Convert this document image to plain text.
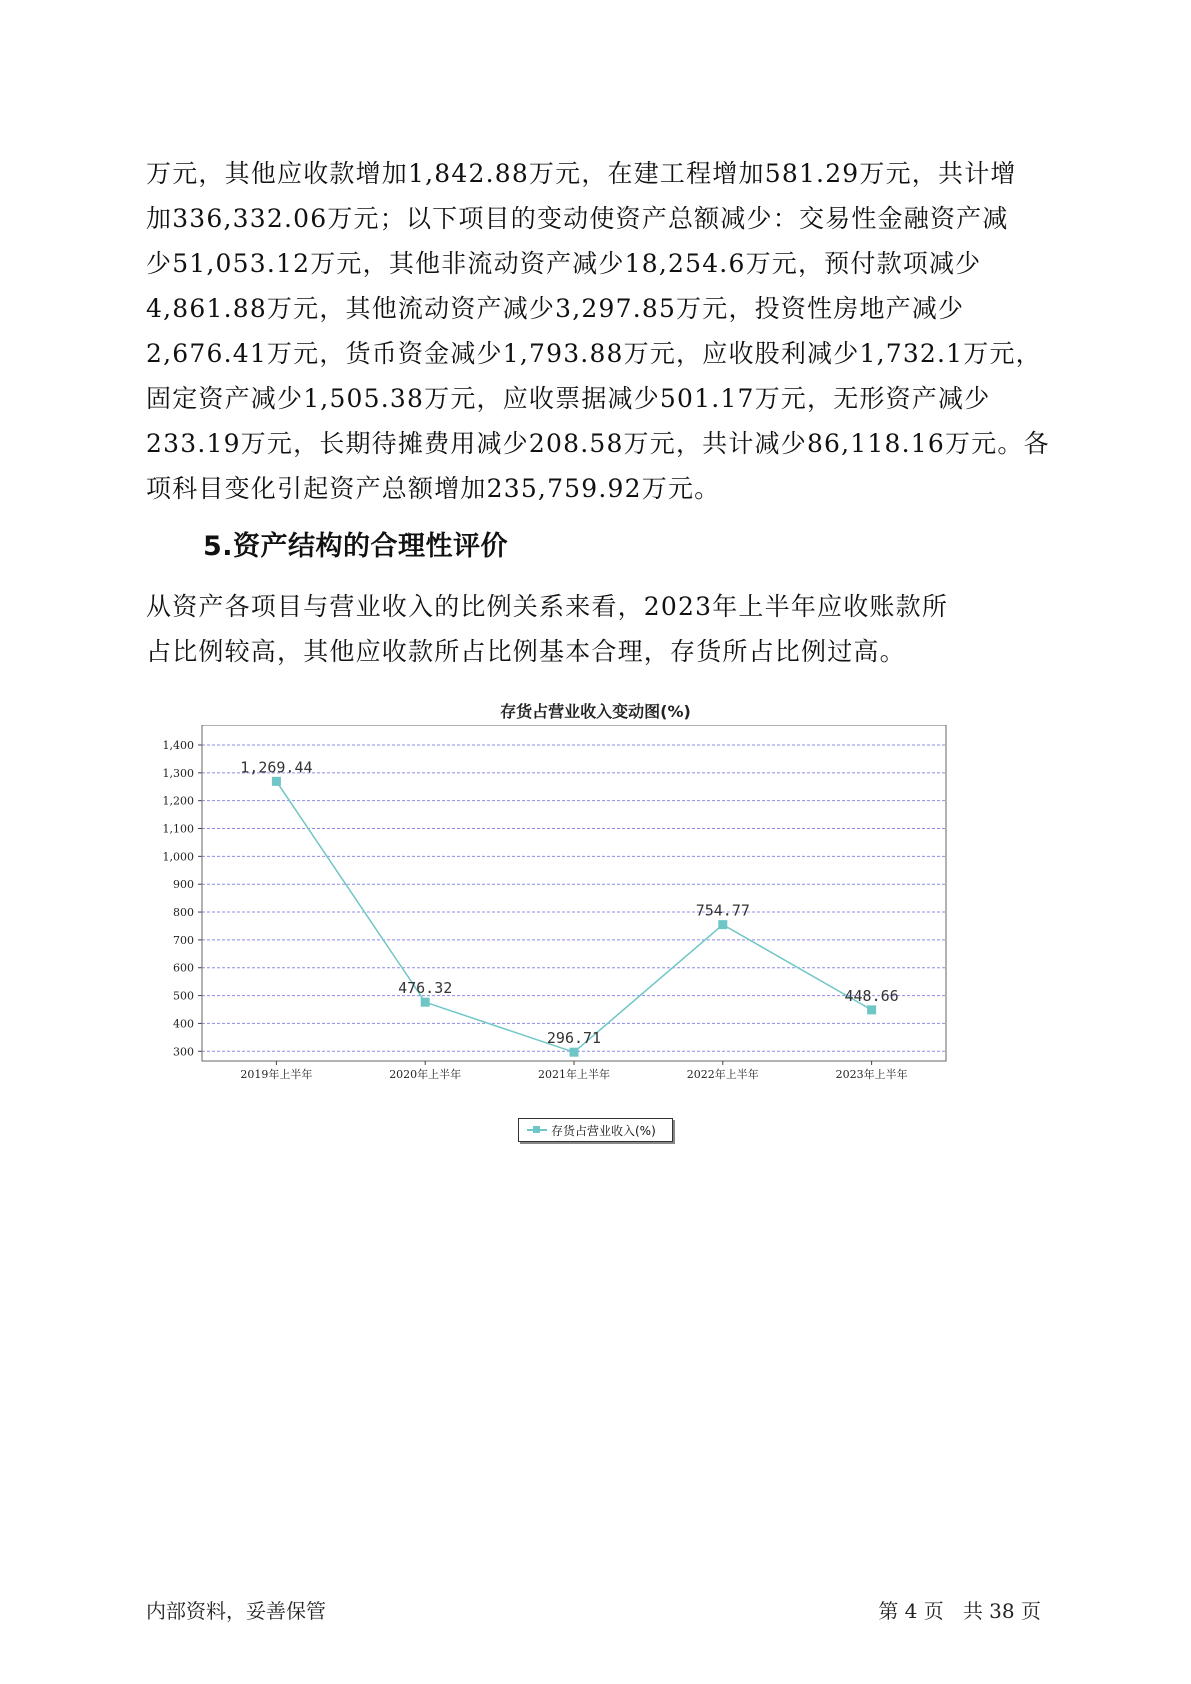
万元，其他应收款增加1,842.88万元，在建工程增加581.29万元，共计增
加336,332.06万元；以下项目的变动使资产总额减少：交易性金融资产减
少51,053.12万元，其他非流动资产减少18,254.6万元，预付款项减少
4,861.88万元，其他流动资产减少3,297.85万元，投资性房地产减少
2,676.41万元，货币资金减少1,793.88万元，应收股利减少1,732.1万元，
固定资产减少1,505.38万元，应收票据减少501.17万元，无形资产减少
233.19万元，长期待摊费用减少208.58万元，共计减少86,118.16万元。各
项科目变化引起资产总额增加235,759.92万元。
5.资产结构的合理性评价
从资产各项目与营业收入的比例关系来看，2023年上半年应收账款所
占比例较高，其他应收款所占比例基本合理，存货所占比例过高。
存货占营业收入变动图(%)
1,400
1,300
1,200
1,100
1,000
900
800
700
600
500
400
300
2019年上半年	2020年上半年	2021年上半年	2022年上半年	2023年上半年
1,269.44
476.32
296.71
754.77
448.66
存货占营业收入(%)
内部资料，妥善保管	第 4 页   共 38 页
